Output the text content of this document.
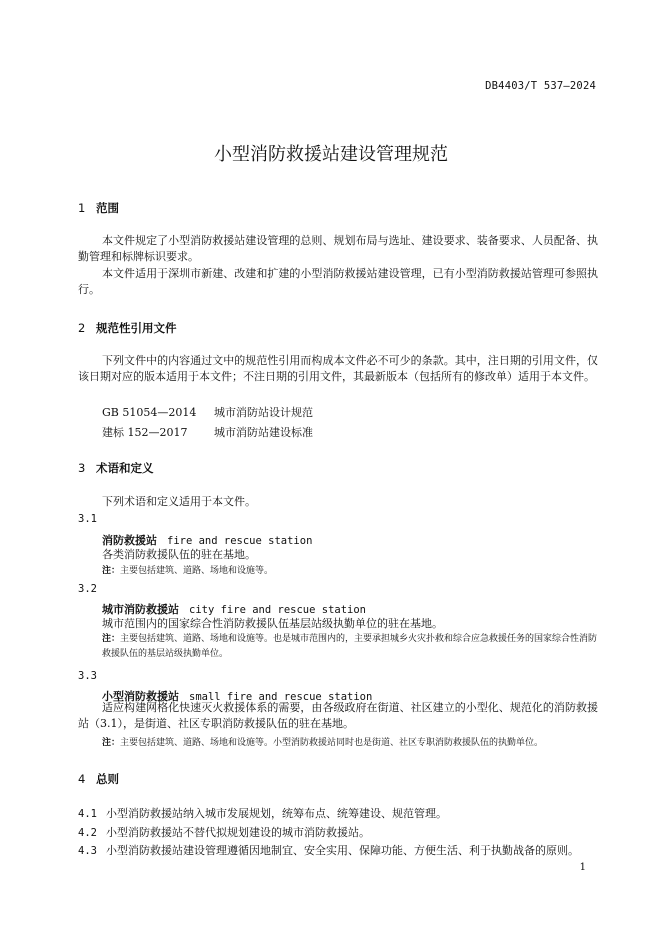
DB4403/T 537—2024
小型消防救援站建设管理规范
1 范围
本文件规定了小型消防救援站建设管理的总则、规划布局与选址、建设要求、装备要求、人员配备、执勤管理和标牌标识要求。
本文件适用于深圳市新建、改建和扩建的小型消防救援站建设管理，已有小型消防救援站管理可参照执行。
2 规范性引用文件
下列文件中的内容通过文中的规范性引用而构成本文件必不可少的条款。其中，注日期的引用文件，仅该日期对应的版本适用于本文件；不注日期的引用文件，其最新版本（包括所有的修改单）适用于本文件。
GB 51054—2014 城市消防站设计规范
建标 152—2017 城市消防站建设标准
3 术语和定义
下列术语和定义适用于本文件。
3.1
消防救援站 fire and rescue station
各类消防救援队伍的驻在基地。
注：主要包括建筑、道路、场地和设施等。
3.2
城市消防救援站 city fire and rescue station
城市范围内的国家综合性消防救援队伍基层站级执勤单位的驻在基地。
注：主要包括建筑、道路、场地和设施等。也是城市范围内的，主要承担城乡火灾扑救和综合应急救援任务的国家综合性消防救援队伍的基层站级执勤单位。
3.3
小型消防救援站 small fire and rescue station
适应构建网格化快速灭火救援体系的需要，由各级政府在街道、社区建立的小型化、规范化的消防救援站（3.1），是街道、社区专职消防救援队伍的驻在基地。
注：主要包括建筑、道路、场地和设施等。小型消防救援站同时也是街道、社区专职消防救援队伍的执勤单位。
4 总则
4.1 小型消防救援站纳入城市发展规划，统筹布点、统筹建设、规范管理。
4.2 小型消防救援站不替代拟规划建设的城市消防救援站。
4.3 小型消防救援站建设管理遵循因地制宜、安全实用、保障功能、方便生活、利于执勤战备的原则。
1
